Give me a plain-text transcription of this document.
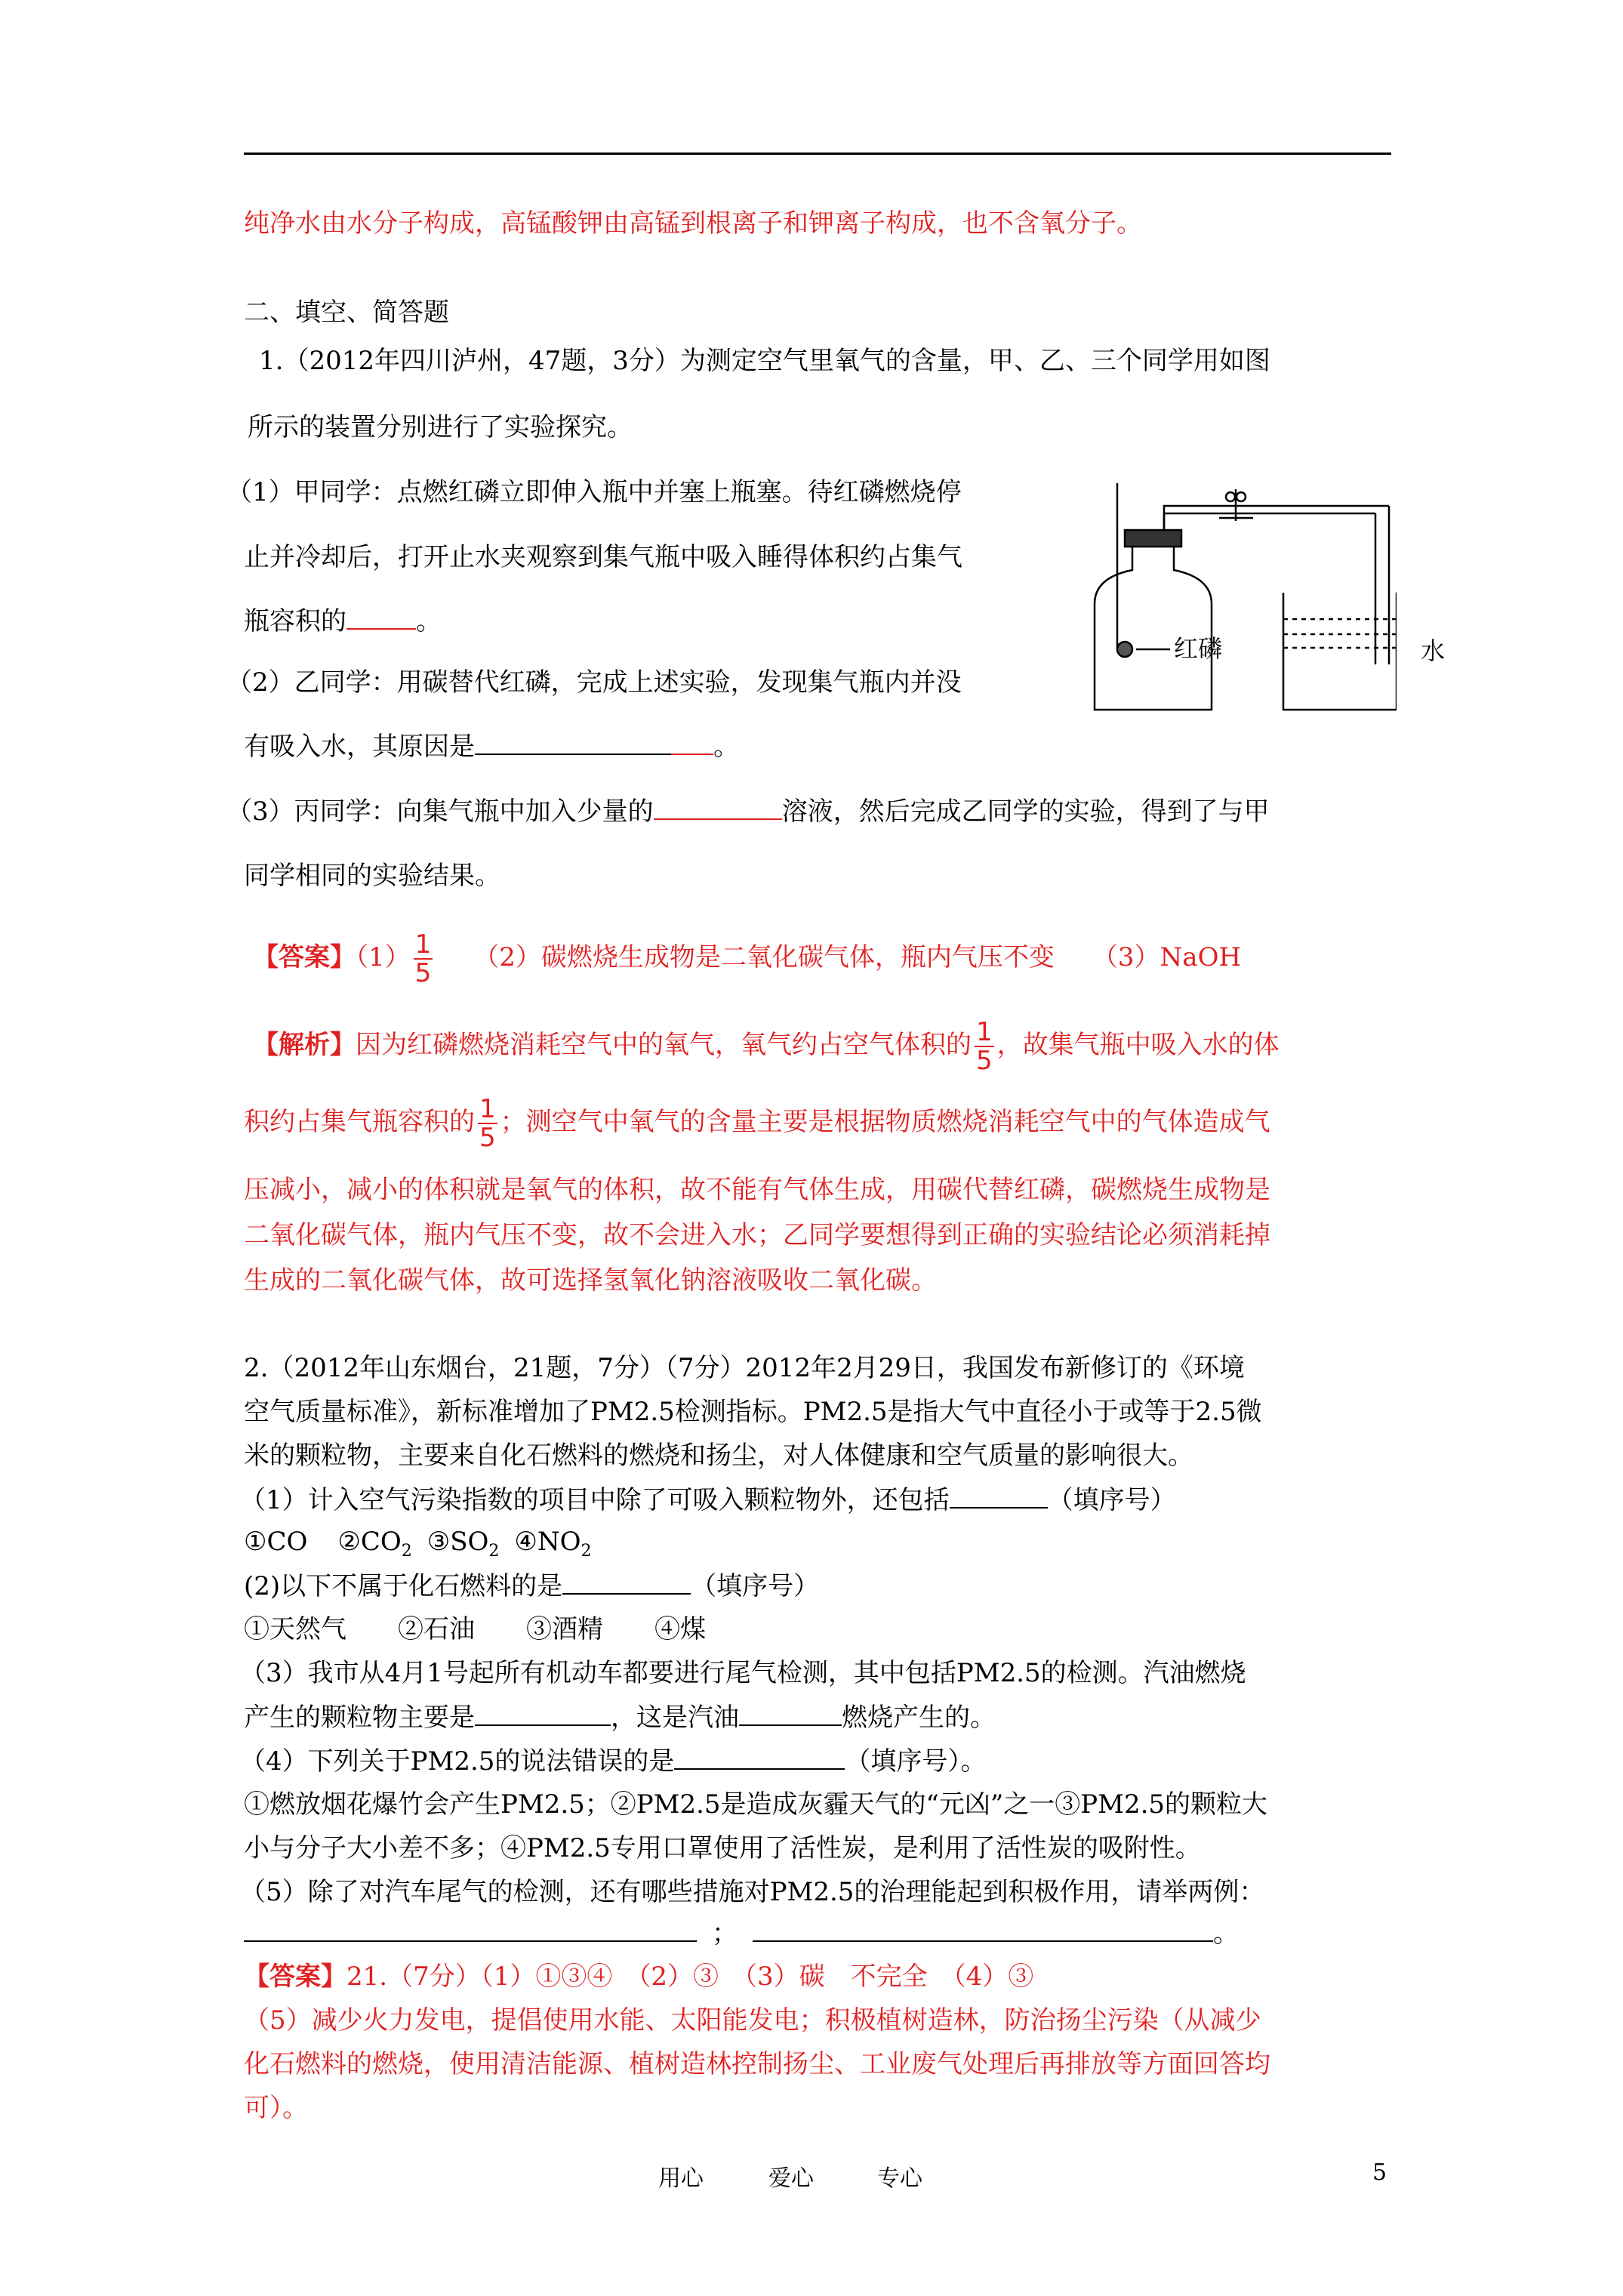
纯净水由水分子构成，高锰酸钾由高锰到根离子和钾离子构成，也不含氧分子。
二、填空、简答题
1.（2012年四川泸州，47题，3分）为测定空气里氧气的含量，甲、乙、三个同学用如图
所示的装置分别进行了实验探究。
（1）甲同学：点燃红磷立即伸入瓶中并塞上瓶塞。待红磷燃烧停
止并冷却后，打开止水夹观察到集气瓶中吸入睡得体积约占集气
瓶容积的	。
（2）乙同学：用碳替代红磷，完成上述实验，发现集气瓶内并没
有吸入水，其原因是	。
（3）丙同学：向集气瓶中加入少量的	溶液，然后完成乙同学的实验，得到了与甲
同学相同的实验结果。
红磷	水
【答案】$(1) \frac{1}{5} (2)$碳燃烧生成物是二氧化碳气体，瓶内气压不变 （3）NaOH
【解析】因为红磷燃烧消耗空气中的氧气，氧气约占空气体积的 $\frac{1}{5}$ ，故集气瓶中吸入水的体
积约占集气瓶容积的 $\frac{1}{5}$ ；测空气中氧气的含量主要是根据物质燃烧消耗空气中的气体造成气
压减小，减小的体积就是氧气的体积，故不能有气体生成，用碳代替红磷，碳燃烧生成物是
二氧化碳气体，瓶内气压不变，故不会进入水；乙同学要想得到正确的实验结论必须消耗掉
生成的二氧化碳气体，故可选择氢氧化钠溶液吸收二氧化碳。
2.（2012年山东烟台，21题，7分）（7分）2012年2月29日，我国发布新修订的《环境
空气质量标准》，新标准增加了PM2.5检测指标。PM2.5是指大气中直径小于或等于2.5微
米的颗粒物，主要来自化石燃料的燃烧和扬尘，对人体健康和空气质量的影响很大。
（1）计入空气污染指数的项目中除了可吸入颗粒物外，还包括	（填序号）
①CO $②CO_2$ $③SO_2$ $④NO_2$
(2)以下不属于化石燃料的是	（填序号）
①天然气　　②石油　　③酒精　　④煤
（3）我市从4月1号起所有机动车都要进行尾气检测，其中包括PM2.5的检测。汽油燃烧
产生的颗粒物主要是	，这是汽油	燃烧产生的。
（4）下列关于PM2.5的说法错误的是	（填序号）。
①燃放烟花爆竹会产生PM2.5；②PM2.5是造成灰霾天气的“元凶”之一③PM2.5的颗粒大
小与分子大小差不多；④PM2.5专用口罩使用了活性炭，是利用了活性炭的吸附性。
（5）除了对汽车尾气的检测，还有哪些措施对PM2.5的治理能起到积极作用，请举两例：
；	。
【答案】21.（7分）（1）①③④　（2）③　（3）碳　不完全　（4）③
（5）减少火力发电，提倡使用水能、太阳能发电；积极植树造林，防治扬尘污染（从减少
化石燃料的燃烧，使用清洁能源、植树造林控制扬尘、工业废气处理后再排放等方面回答均
可）。
用心	爱心	专心	5
